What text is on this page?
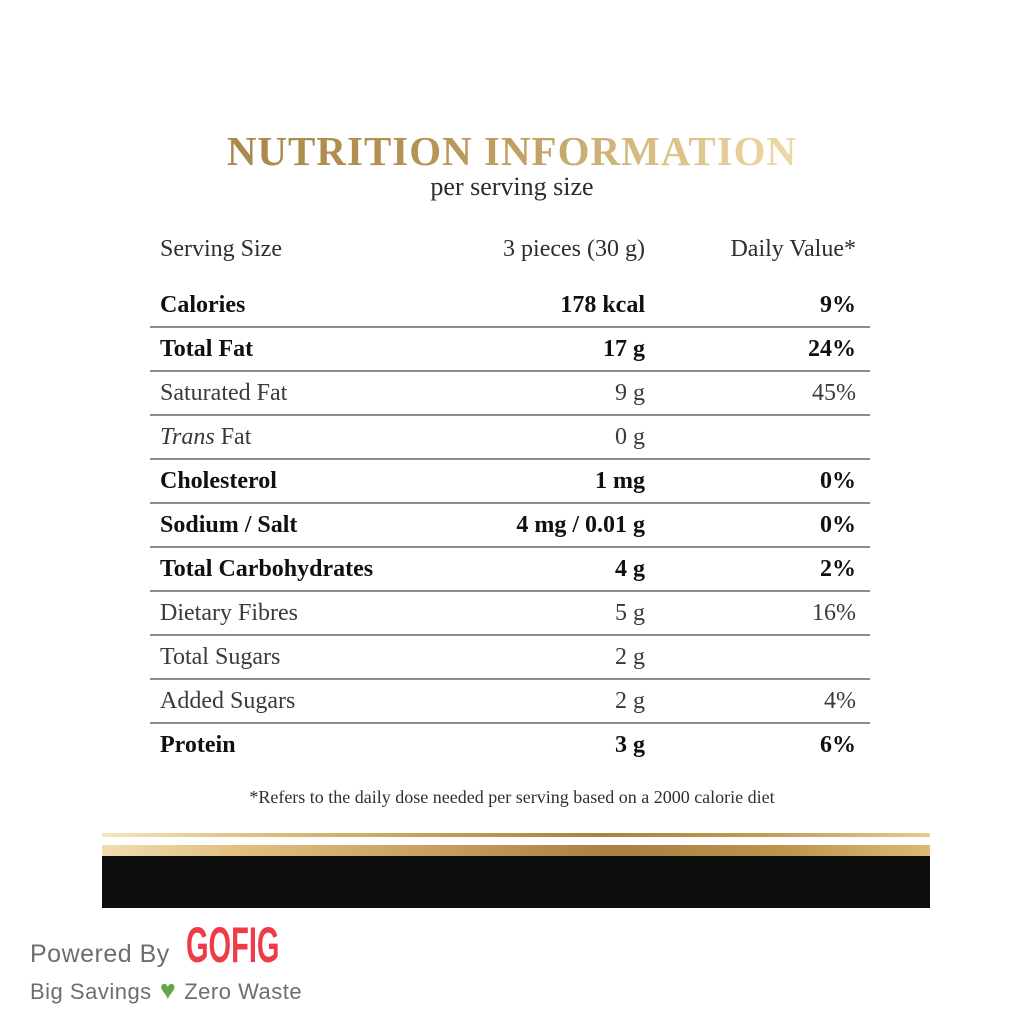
NUTRITION INFORMATION
per serving size
Serving Size	3 pieces (30 g)	Daily Value*
Calories	178 kcal	9%
Total Fat	17 g	24%
Saturated Fat	9 g	45%
Trans Fat	0 g
Cholesterol	1 mg	0%
Sodium / Salt	4 mg / 0.01 g	0%
Total Carbohydrates	4 g	2%
Dietary Fibres	5 g	16%
Total Sugars	2 g
Added Sugars	2 g	4%
Protein	3 g	6%

*Refers to the daily dose needed per serving based on a 2000 calorie diet

Powered By GOFIG
Big Savings ♥ Zero Waste
